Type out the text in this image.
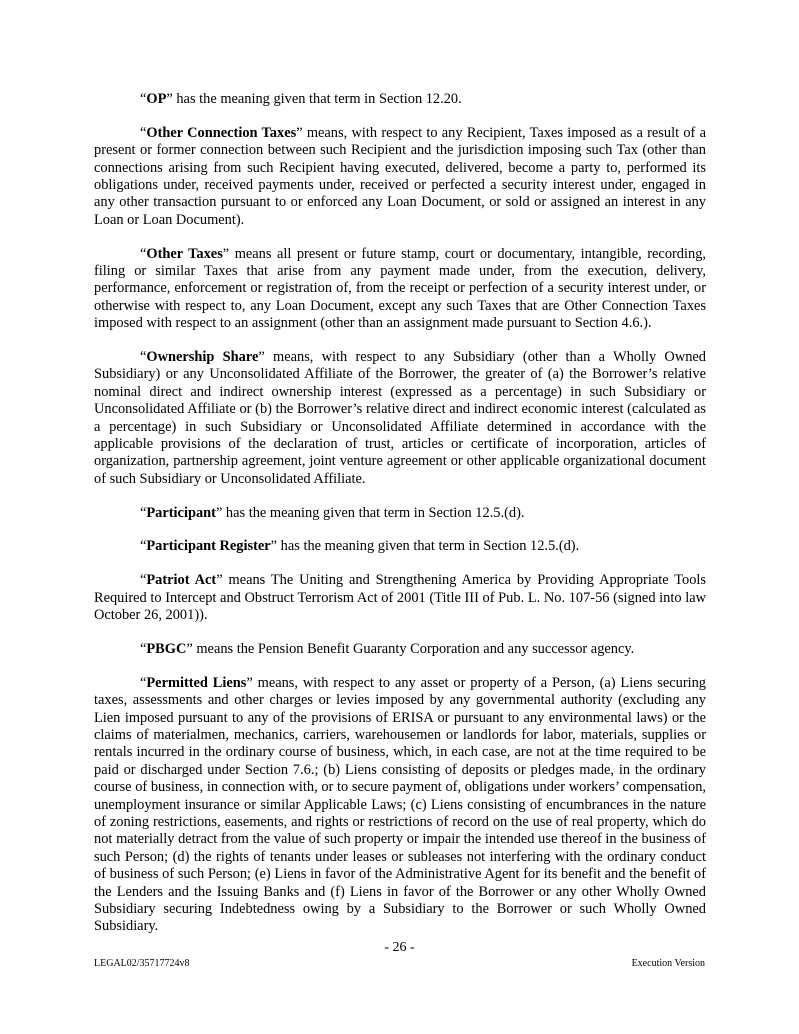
“OP” has the meaning given that term in Section 12.20.

“Other Connection Taxes” means, with respect to any Recipient, Taxes imposed as a result of a present or former connection between such Recipient and the jurisdiction imposing such Tax (other than connections arising from such Recipient having executed, delivered, become a party to, performed its obligations under, received payments under, received or perfected a security interest under, engaged in any other transaction pursuant to or enforced any Loan Document, or sold or assigned an interest in any Loan or Loan Document).

“Other Taxes” means all present or future stamp, court or documentary, intangible, recording, filing or similar Taxes that arise from any payment made under, from the execution, delivery, performance, enforcement or registration of, from the receipt or perfection of a security interest under, or otherwise with respect to, any Loan Document, except any such Taxes that are Other Connection Taxes imposed with respect to an assignment (other than an assignment made pursuant to Section 4.6.).

“Ownership Share” means, with respect to any Subsidiary (other than a Wholly Owned Subsidiary) or any Unconsolidated Affiliate of the Borrower, the greater of (a) the Borrower’s relative nominal direct and indirect ownership interest (expressed as a percentage) in such Subsidiary or Unconsolidated Affiliate or (b) the Borrower’s relative direct and indirect economic interest (calculated as a percentage) in such Subsidiary or Unconsolidated Affiliate determined in accordance with the applicable provisions of the declaration of trust, articles or certificate of incorporation, articles of organization, partnership agreement, joint venture agreement or other applicable organizational document of such Subsidiary or Unconsolidated Affiliate.

“Participant” has the meaning given that term in Section 12.5.(d).

“Participant Register” has the meaning given that term in Section 12.5.(d).

“Patriot Act” means The Uniting and Strengthening America by Providing Appropriate Tools Required to Intercept and Obstruct Terrorism Act of 2001 (Title III of Pub. L. No. 107-56 (signed into law October 26, 2001)).

“PBGC” means the Pension Benefit Guaranty Corporation and any successor agency.

“Permitted Liens” means, with respect to any asset or property of a Person, (a) Liens securing taxes, assessments and other charges or levies imposed by any governmental authority (excluding any Lien imposed pursuant to any of the provisions of ERISA or pursuant to any environmental laws) or the claims of materialmen, mechanics, carriers, warehousemen or landlords for labor, materials, supplies or rentals incurred in the ordinary course of business, which, in each case, are not at the time required to be paid or discharged under Section 7.6.; (b) Liens consisting of deposits or pledges made, in the ordinary course of business, in connection with, or to secure payment of, obligations under workers’ compensation, unemployment insurance or similar Applicable Laws; (c) Liens consisting of encumbrances in the nature of zoning restrictions, easements, and rights or restrictions of record on the use of real property, which do not materially detract from the value of such property or impair the intended use thereof in the business of such Person; (d) the rights of tenants under leases or subleases not interfering with the ordinary conduct of business of such Person; (e) Liens in favor of the Administrative Agent for its benefit and the benefit of the Lenders and the Issuing Banks and (f) Liens in favor of the Borrower or any other Wholly Owned Subsidiary securing Indebtedness owing by a Subsidiary to the Borrower or such Wholly Owned Subsidiary.

- 26 -
LEGAL02/35717724v8	Execution Version
